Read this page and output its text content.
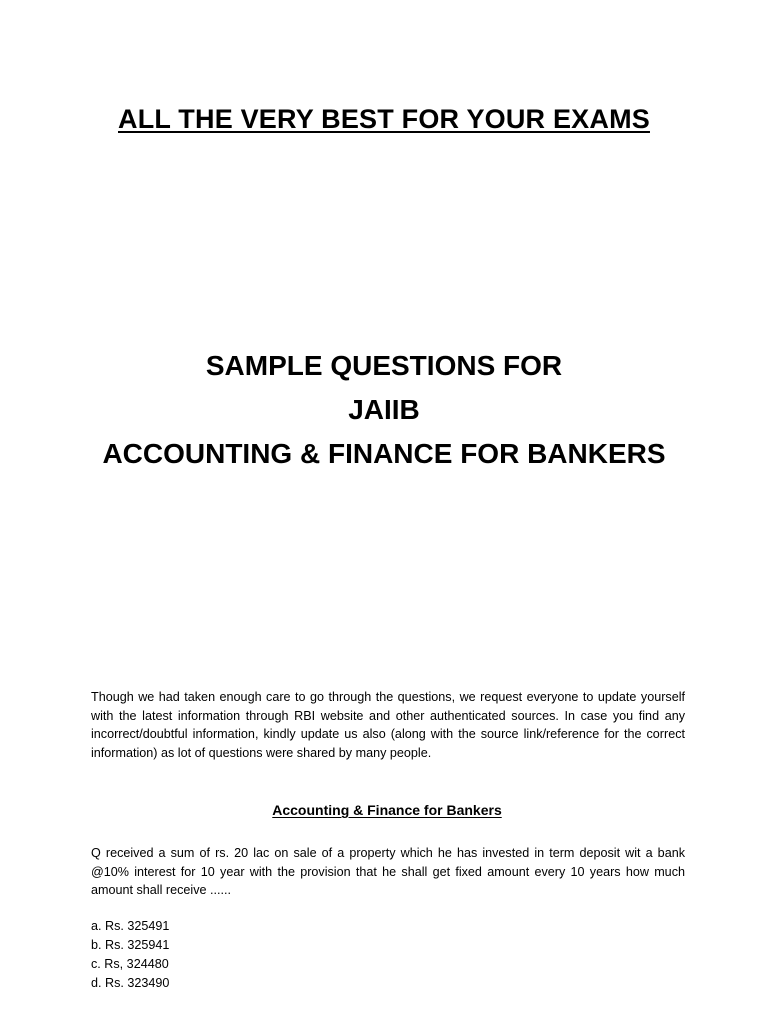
ALL THE VERY BEST FOR YOUR EXAMS
SAMPLE QUESTIONS FOR
JAIIB
ACCOUNTING & FINANCE FOR BANKERS

Though we had taken enough care to go through the questions, we request everyone to update yourself with the latest information through RBI website and other authenticated sources. In case you find any incorrect/doubtful information, kindly update us also (along with the source link/reference for the correct information) as lot of questions were shared by many people.

Accounting & Finance for Bankers

Q received a sum of rs. 20 lac on sale of a property which he has invested in term deposit wit a bank @10% interest for 10 year with the provision that he shall get fixed amount every 10 years how much amount shall receive ......

a. Rs. 325491
b. Rs. 325941
c. Rs, 324480
d. Rs. 323490
